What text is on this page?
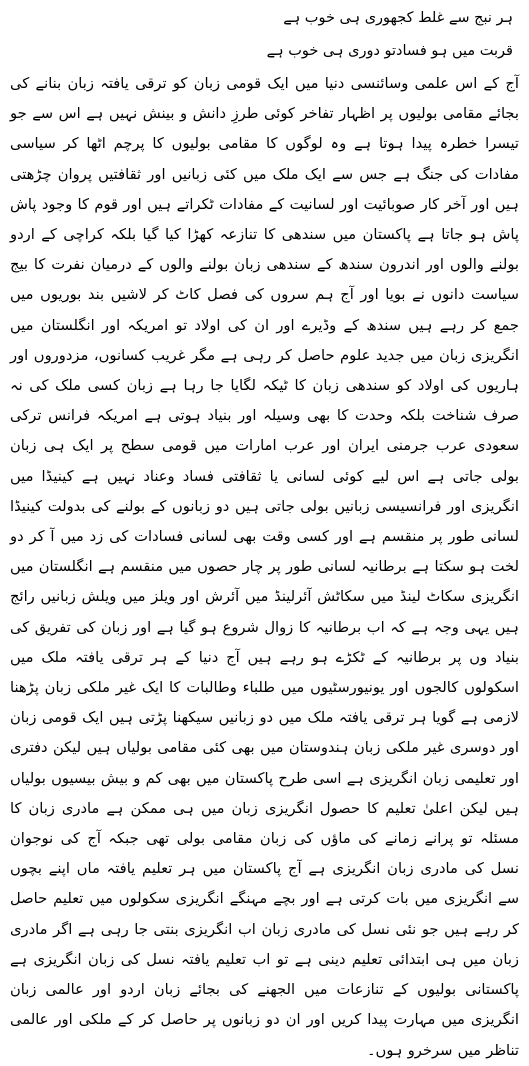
ہر نبج سے غلط کجھوری ہی خوب ہے

قربت میں ہو فسادتو دوری ہی خوب ہے

آج کے اس علمی وسائنسی دنیا میں ایک قومی زبان کو ترقی یافتہ زبان بنانے کی بجائے مقامی بولیوں پر اظہار تفاخر کوئی طرزِ دانش و بینش نہیں ہے اس سے جو تیسرا خطرہ پیدا ہوتا ہے وہ لوگوں کا مقامی بولیوں کا پرچم اٹھا کر سیاسی مفادات کی جنگ ہے جس سے ایک ملک میں کئی زبانیں اور ثقافتیں پروان چڑھتی ہیں اور آخر کار صوبائیت اور لسانیت کے مفادات ٹکراتے ہیں اور قوم کا وجود پاش پاش ہو جاتا ہے پاکستان میں سندھی کا تنازعہ کھڑا کیا گیا بلکہ کراچی کے اردو بولنے والوں اور اندرون سندھ کے سندھی زبان بولنے والوں کے درمیان نفرت کا بیج سیاست دانوں نے بویا اور آج ہم سروں کی فصل کاٹ کر لاشیں بند بوریوں میں جمع کر رہے ہیں سندھ کے وڈیرے اور ان کی اولاد تو امریکہ اور انگلستان میں انگریزی زبان میں جدید علوم حاصل کر رہی ہے مگر غریب کسانوں، مزدوروں اور ہاریوں کی اولاد کو سندھی زبان کا ٹیکہ لگایا جا رہا ہے زبان کسی ملک کی نہ صرف شناخت بلکہ وحدت کا بھی وسیلہ اور بنیاد ہوتی ہے امریکہ فرانس ترکی سعودی عرب جرمنی ایران اور عرب امارات میں قومی سطح پر ایک ہی زبان بولی جاتی ہے اس لیے کوئی لسانی یا ثقافتی فساد وعناد نہیں ہے کینیڈا میں انگریزی اور فرانسیسی زبانیں بولی جاتی ہیں دو زبانوں کے بولنے کی بدولت کینیڈا لسانی طور پر منقسم ہے اور کسی وقت بھی لسانی فسادات کی زد میں آ کر دو لخت ہو سکتا ہے برطانیہ لسانی طور پر چار حصوں میں منقسم ہے انگلستان میں انگریزی سکاٹ لینڈ میں سکاٹش آئرلینڈ میں آئرش اور ویلز میں ویلش زبانیں رائج ہیں یہی وجہ ہے کہ اب برطانیہ کا زوال شروع ہو گیا ہے اور زبان کی تفریق کی بنیاد وں پر برطانیہ کے ٹکڑے ہو رہے ہیں آج دنیا کے ہر ترقی یافتہ ملک میں اسکولوں کالجوں اور یونیورسٹیوں میں طلباء وطالبات کا ایک غیر ملکی زبان پڑھنا لازمی ہے گویا ہر ترقی یافتہ ملک میں دو زبانیں سیکھنا پڑتی ہیں ایک قومی زبان اور دوسری غیر ملکی زبان ہندوستان میں بھی کئی مقامی بولیاں ہیں لیکن دفتری اور تعلیمی زبان انگریزی ہے اسی طرح پاکستان میں بھی کم و بیش بیسیوں بولیاں ہیں لیکن اعلیٰ تعلیم کا حصول انگریزی زبان میں ہی ممکن ہے مادری زبان کا مسئلہ تو پرانے زمانے کی ماؤں کی زبان مقامی بولی تھی جبکہ آج کی نوجوان نسل کی مادری زبان انگریزی ہے آج پاکستان میں ہر تعلیم یافتہ ماں اپنے بچوں سے انگریزی میں بات کرتی ہے اور بچے مہنگے انگریزی سکولوں میں تعلیم حاصل کر رہے ہیں جو نئی نسل کی مادری زبان اب انگریزی بنتی جا رہی ہے اگر مادری زبان میں ہی ابتدائی تعلیم دینی ہے تو اب تعلیم یافتہ نسل کی زبان انگریزی ہے پاکستانی بولیوں کے تنازعات میں الجھنے کی بجائے زبان اردو اور عالمی زبان انگریزی میں مہارت پیدا کریں اور ان دو زبانوں پر حاصل کر کے ملکی اور عالمی تناظر میں سرخرو ہوں۔
